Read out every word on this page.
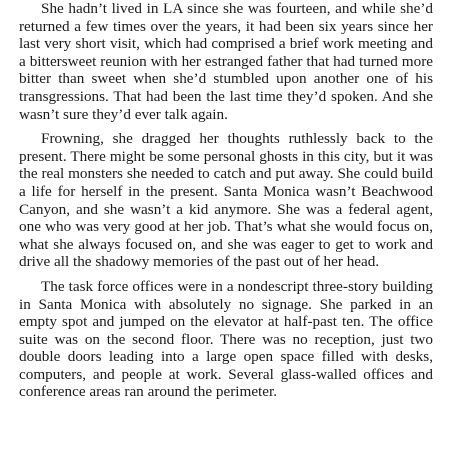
She hadn’t lived in LA since she was fourteen, and while she’d returned a few times over the years, it had been six years since her last very short visit, which had comprised a brief work meeting and a bittersweet reunion with her estranged father that had turned more bitter than sweet when she’d stumbled upon another one of his transgressions. That had been the last time they’d spoken. And she wasn’t sure they’d ever talk again.

Frowning, she dragged her thoughts ruthlessly back to the present. There might be some personal ghosts in this city, but it was the real monsters she needed to catch and put away. She could build a life for herself in the present. Santa Monica wasn’t Beachwood Canyon, and she wasn’t a kid anymore. She was a federal agent, one who was very good at her job. That’s what she would focus on, what she always focused on, and she was eager to get to work and drive all the shadowy memories of the past out of her head.

The task force offices were in a nondescript three-story building in Santa Monica with absolutely no signage. She parked in an empty spot and jumped on the elevator at half-past ten. The office suite was on the second floor. There was no reception, just two double doors leading into a large open space filled with desks, computers, and people at work. Several glass-walled offices and conference areas ran around the perimeter.
